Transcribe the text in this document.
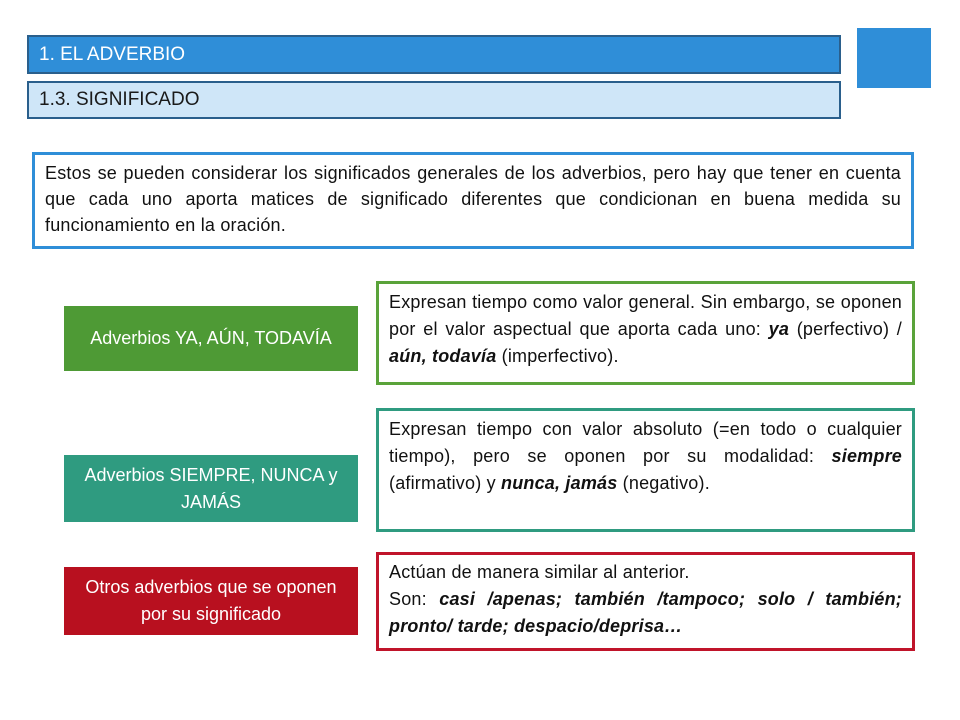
1. EL ADVERBIO
1.3. SIGNIFICADO
Estos se pueden considerar los significados generales de los adverbios, pero hay que tener en cuenta que cada uno aporta matices de significado diferentes que condicionan en buena medida su funcionamiento en la oración.
Adverbios YA, AÚN, TODAVÍA
Expresan tiempo como valor general. Sin embargo, se oponen por el valor aspectual que aporta cada uno: ya (perfectivo) / aún, todavía (imperfectivo).
Adverbios SIEMPRE, NUNCA y JAMÁS
Expresan tiempo con valor absoluto (=en todo o cualquier tiempo), pero se oponen por su modalidad: siempre (afirmativo) y nunca, jamás (negativo).
Otros adverbios que se oponen por su significado

Actúan de manera similar al anterior.

Son: casi /apenas; también /tampoco; solo / también; pronto/ tarde; despacio/deprisa…
